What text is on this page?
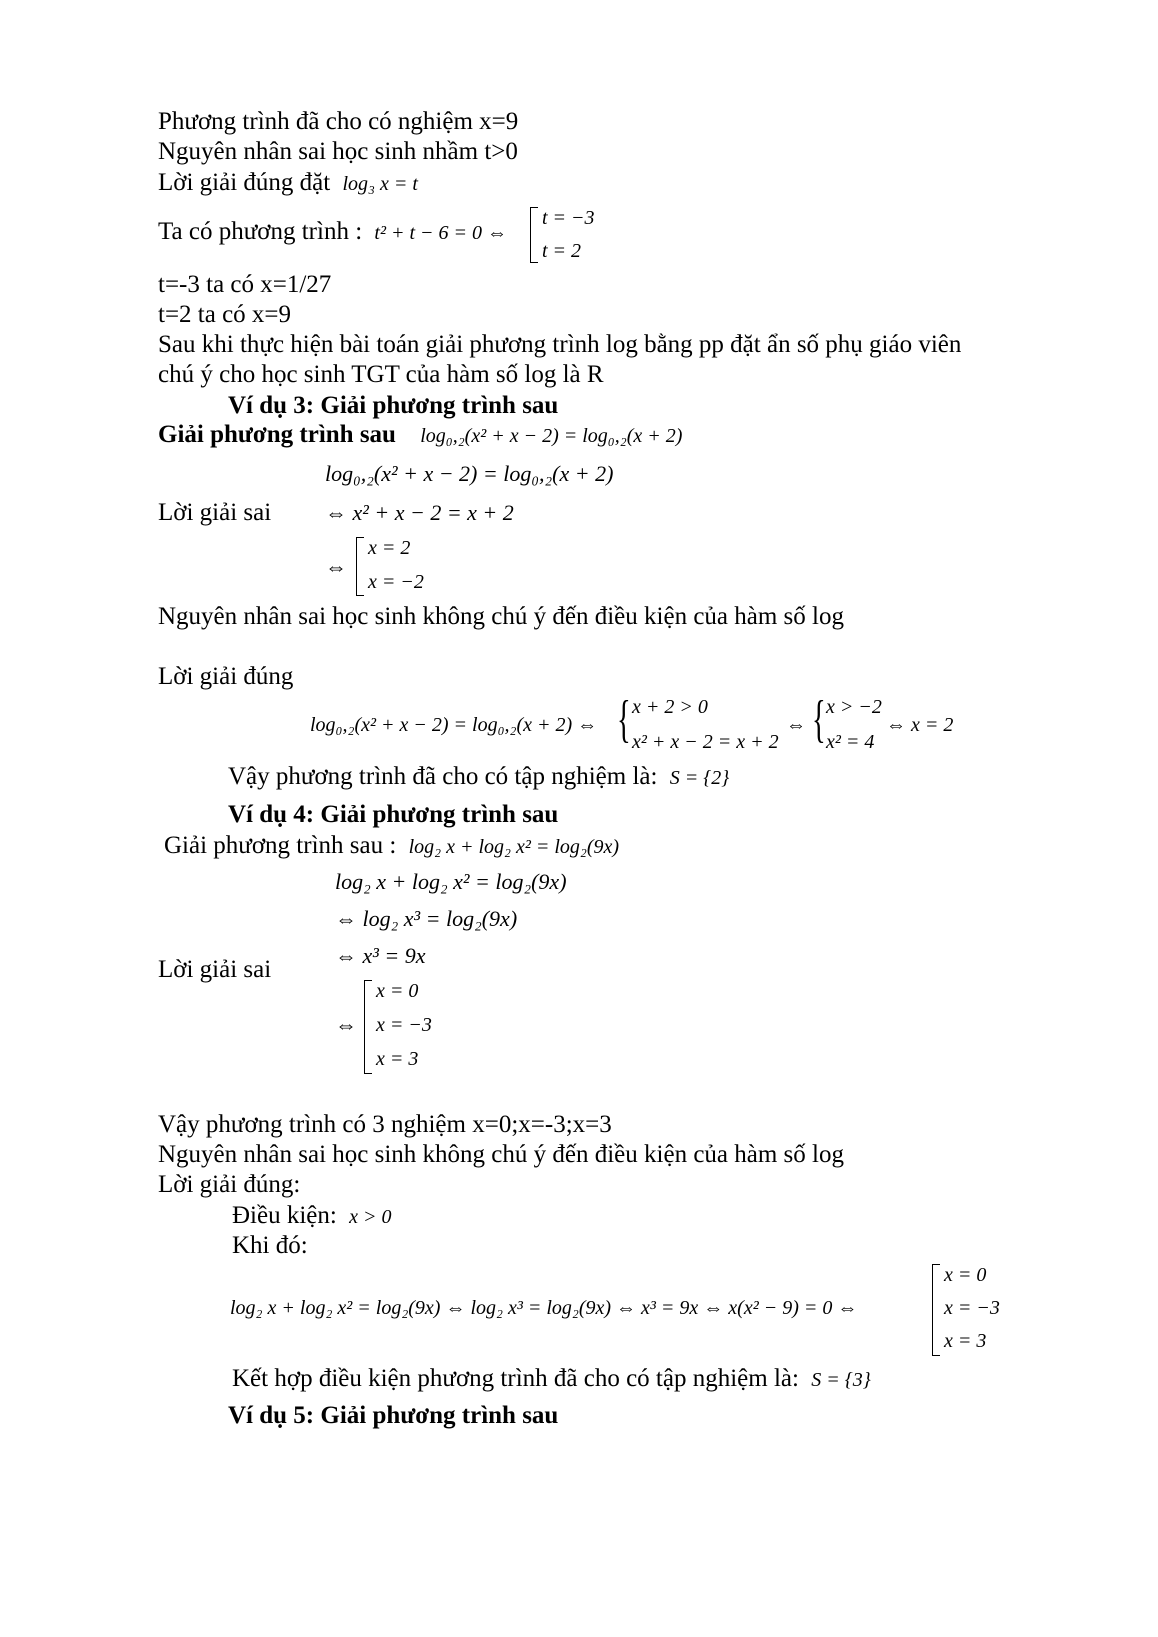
Phương trình đã cho có nghiệm x=9
Nguyên nhân sai học sinh nhầm t>0
Lời giải đúng đặt log₃ x = t
Ta có phương trình : t² + t − 6 = 0 ⇔
t = −3
t = 2
t=-3 ta có x=1/27
t=2 ta có x=9
Sau khi thực hiện bài toán giải phương trình log bằng pp đặt ẩn số phụ giáo viên
chú ý cho học sinh TGT của hàm số log là R
Ví dụ 3: Giải phương trình sau
Giải phương trình sau log₀,₂(x² + x − 2) = log₀,₂(x + 2)
log₀,₂(x² + x − 2) = log₀,₂(x + 2)
Lời giải sai ⇔ x² + x − 2 = x + 2
⇔
x = 2
x = −2
Nguyên nhân sai học sinh không chú ý đến điều kiện của hàm số log
Lời giải đúng
log₀,₂(x² + x − 2) = log₀,₂(x + 2) ⇔ { x + 2 > 0
x² + x − 2 = x + 2
⇔ { x > −2
x² = 4
⇔ x = 2
Vậy phương trình đã cho có tập nghiệm là: S = {2}
Ví dụ 4: Giải phương trình sau
Giải phương trình sau : log₂ x + log₂ x² = log₂(9x)
log₂ x + log₂ x² = log₂(9x)
⇔ log₂ x³ = log₂(9x)
⇔ x³ = 9x
Lời giải sai
⇔
x = 0
x = −3
x = 3
Vậy phương trình có 3 nghiệm x=0;x=-3;x=3
Nguyên nhân sai học sinh không chú ý đến điều kiện của hàm số log
Lời giải đúng:
Điều kiện: x > 0
Khi đó:
log₂ x + log₂ x² = log₂(9x) ⇔ log₂ x³ = log₂(9x) ⇔ x³ = 9x ⇔ x(x² − 9) = 0 ⇔
x = 0
x = −3
x = 3
Kết hợp điều kiện phương trình đã cho có tập nghiệm là: S = {3}
Ví dụ 5: Giải phương trình sau
